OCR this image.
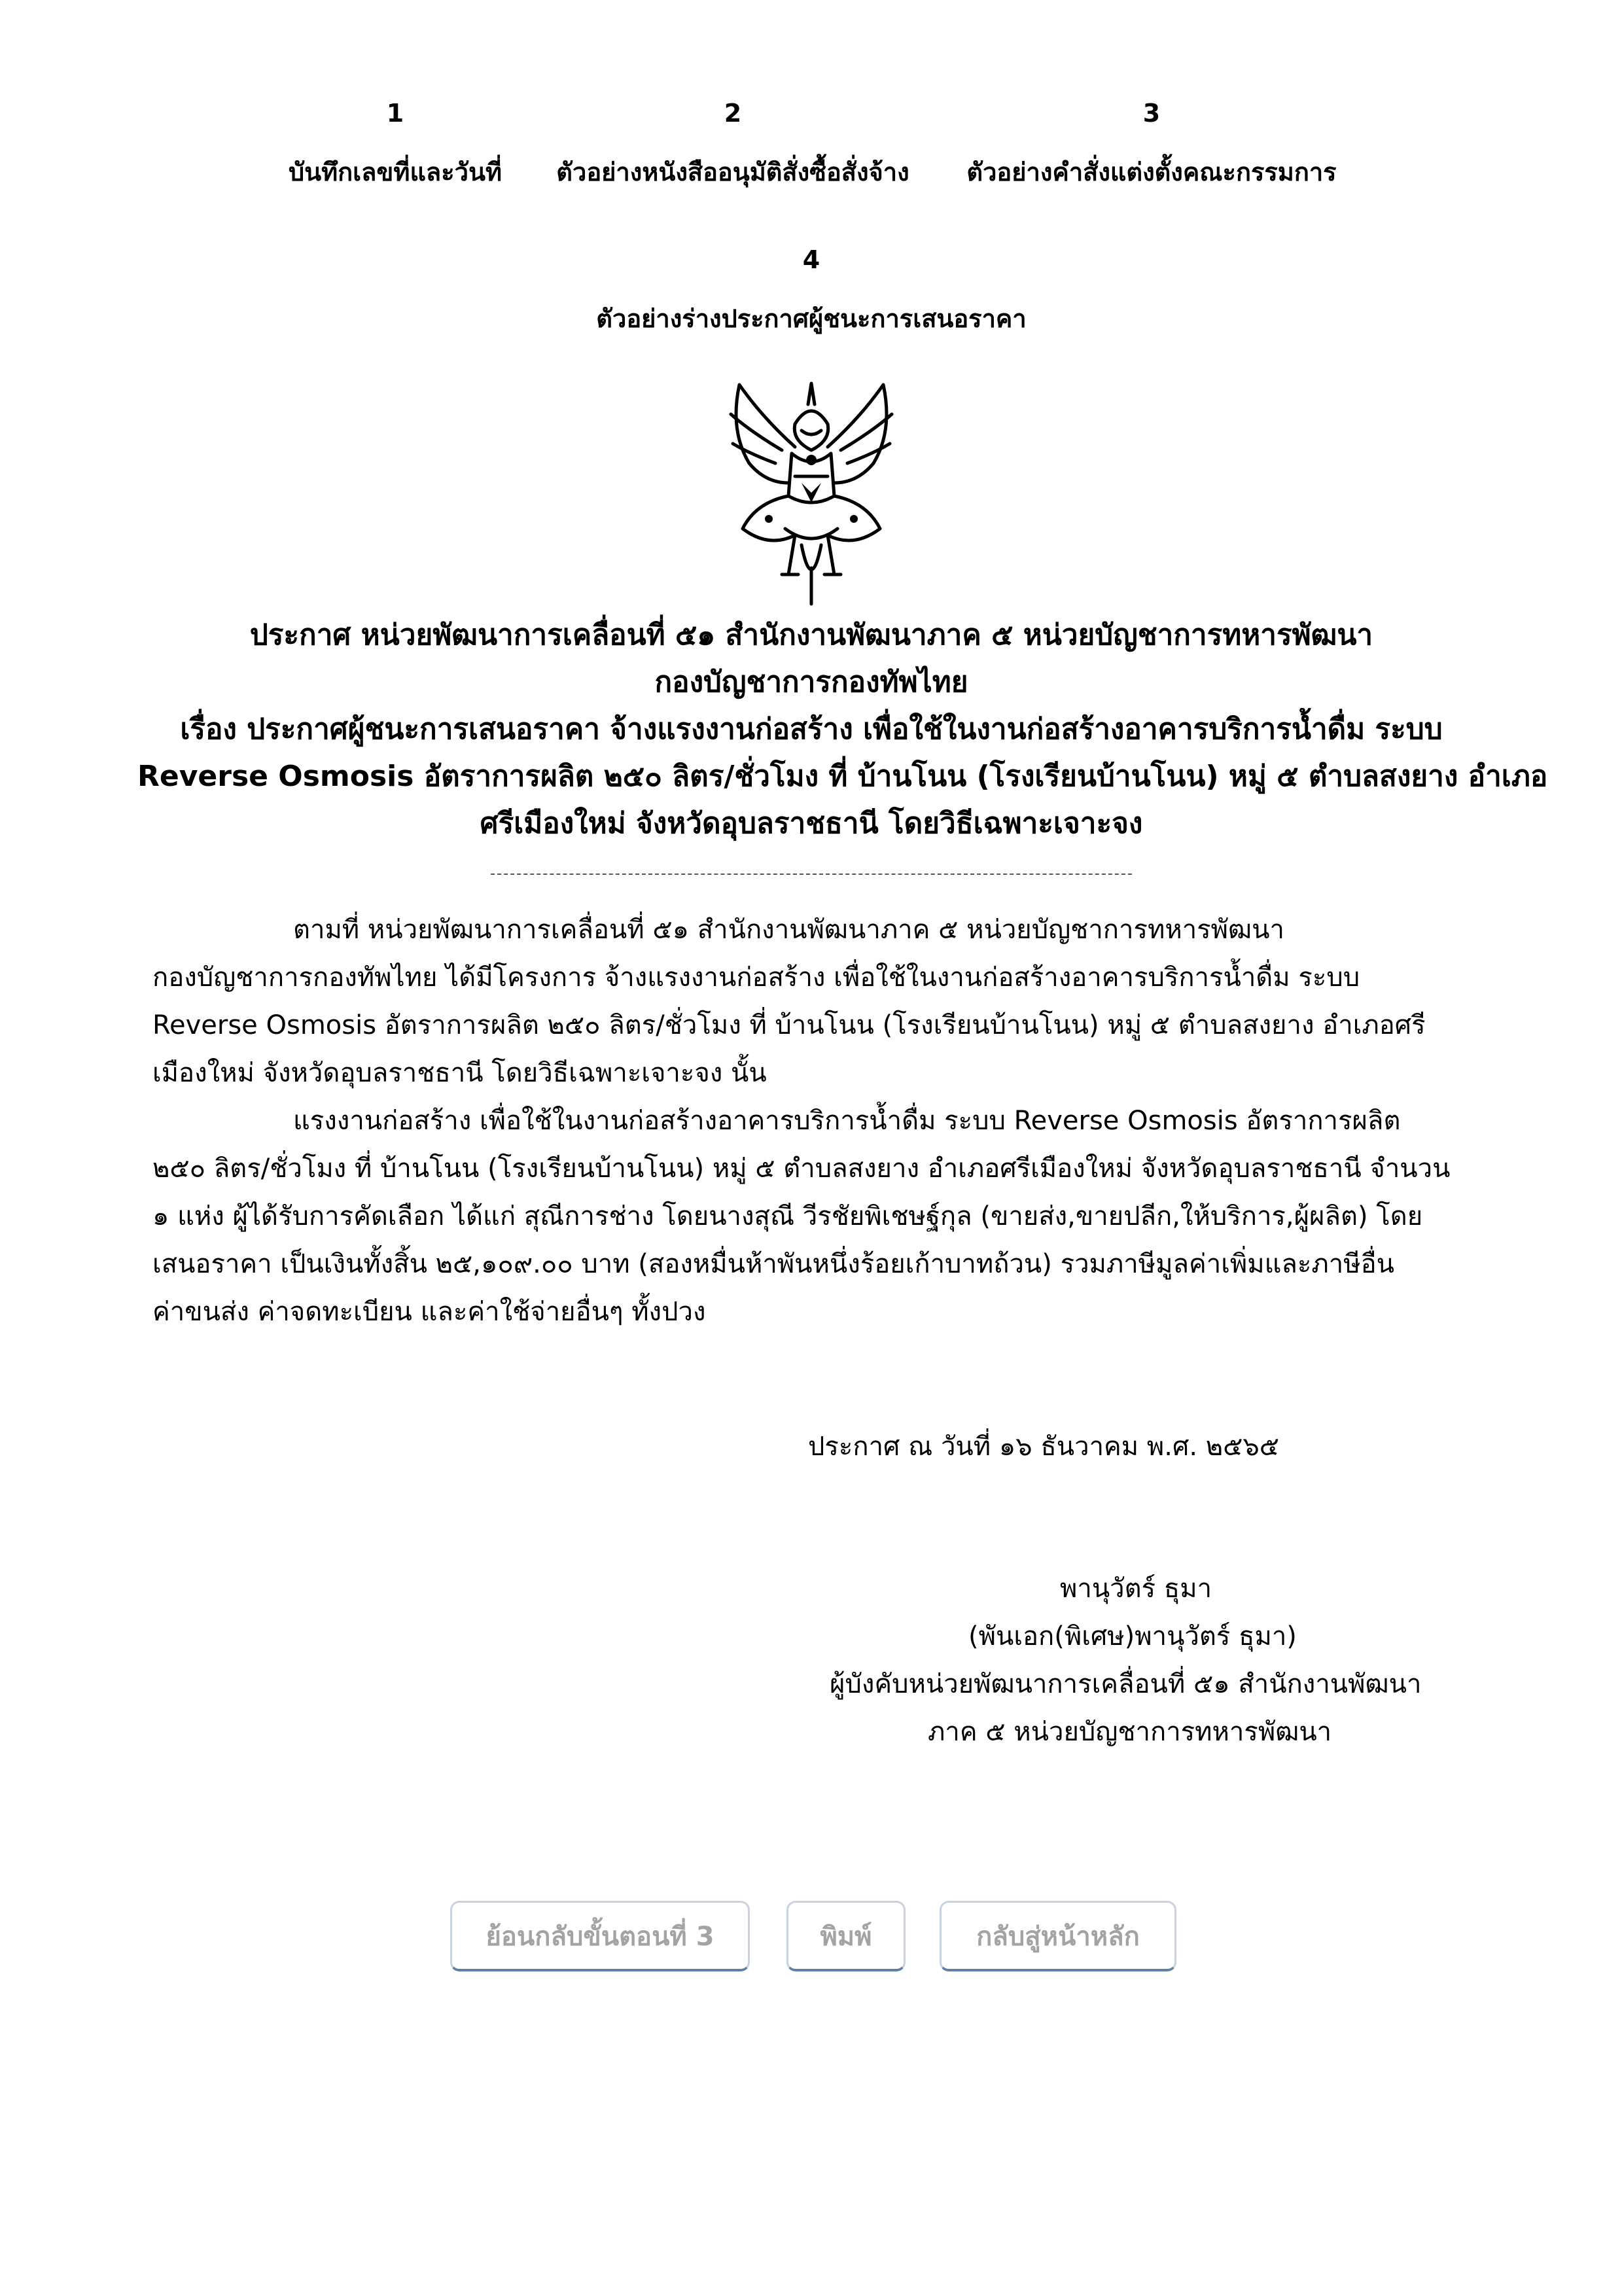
1
บันทึกเลขที่และวันที่
2
ตัวอย่างหนังสืออนุมัติสั่งซื้อสั่งจ้าง
3
ตัวอย่างคำสั่งแต่งตั้งคณะกรรมการ
4
ตัวอย่างร่างประกาศผู้ชนะการเสนอราคา
ประกาศ หน่วยพัฒนาการเคลื่อนที่ ๕๑ สำนักงานพัฒนาภาค ๕ หน่วยบัญชาการทหารพัฒนา
กองบัญชาการกองทัพไทย
เรื่อง ประกาศผู้ชนะการเสนอราคา จ้างแรงงานก่อสร้าง เพื่อใช้ในงานก่อสร้างอาคารบริการน้ำดื่ม ระบบ
Reverse Osmosis อัตราการผลิต ๒๕๐ ลิตร/ชั่วโมง ที่ บ้านโนน (โรงเรียนบ้านโนน) หมู่ ๕ ตำบลสงยาง อำเภอ
ศรีเมืองใหม่ จังหวัดอุบลราชธานี โดยวิธีเฉพาะเจาะจง
ตามที่ หน่วยพัฒนาการเคลื่อนที่ ๕๑ สำนักงานพัฒนาภาค ๕ หน่วยบัญชาการทหารพัฒนา
กองบัญชาการกองทัพไทย ได้มีโครงการ จ้างแรงงานก่อสร้าง เพื่อใช้ในงานก่อสร้างอาคารบริการน้ำดื่ม ระบบ
Reverse Osmosis อัตราการผลิต ๒๕๐ ลิตร/ชั่วโมง ที่ บ้านโนน (โรงเรียนบ้านโนน) หมู่ ๕ ตำบลสงยาง อำเภอศรี
เมืองใหม่ จังหวัดอุบลราชธานี โดยวิธีเฉพาะเจาะจง นั้น
แรงงานก่อสร้าง เพื่อใช้ในงานก่อสร้างอาคารบริการน้ำดื่ม ระบบ Reverse Osmosis อัตราการผลิต
๒๕๐ ลิตร/ชั่วโมง ที่ บ้านโนน (โรงเรียนบ้านโนน) หมู่ ๕ ตำบลสงยาง อำเภอศรีเมืองใหม่ จังหวัดอุบลราชธานี จำนวน
๑ แห่ง ผู้ได้รับการคัดเลือก ได้แก่ สุณีการช่าง โดยนางสุณี วีรชัยพิเชษฐ์กุล (ขายส่ง,ขายปลีก,ให้บริการ,ผู้ผลิต) โดย
เสนอราคา เป็นเงินทั้งสิ้น ๒๕,๑๐๙.๐๐ บาท (สองหมื่นห้าพันหนึ่งร้อยเก้าบาทถ้วน) รวมภาษีมูลค่าเพิ่มและภาษีอื่น
ค่าขนส่ง ค่าจดทะเบียน และค่าใช้จ่ายอื่นๆ ทั้งปวง
ประกาศ ณ วันที่ ๑๖ ธันวาคม พ.ศ. ๒๕๖๕
พานุวัตร์ ธุมา
(พันเอก(พิเศษ)พานุวัตร์ ธุมา)
ผู้บังคับหน่วยพัฒนาการเคลื่อนที่ ๕๑ สำนักงานพัฒนา
ภาค ๕ หน่วยบัญชาการทหารพัฒนา
ย้อนกลับขั้นตอนที่ 3	พิมพ์	กลับสู่หน้าหลัก
